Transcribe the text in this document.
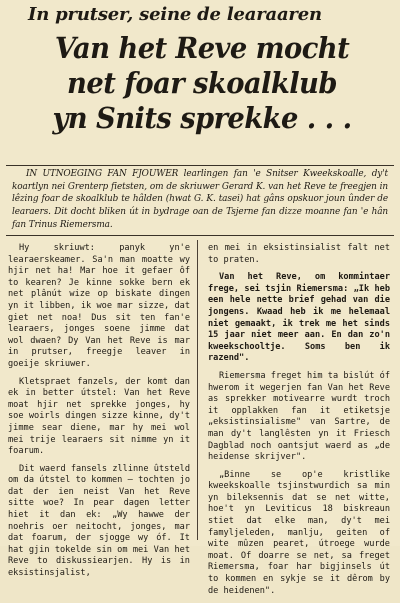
In prutser, seine de learaaren
Van het Reve mocht
net foar skoalklub
yn Snits sprekke . . .
IN UTNOEGING FAN FJOUWER learlingen fan 'e Snitser Kweekskoalle, dy't koartlyn nei Grenterp fietsten, om de skriuwer Gerard K. van het Reve te freegjen in lêzing foar de skoalklub te hâlden (hwat G. K. tasei) hat gâns opskuor joun ûnder de learaers. Dit docht bliken út in bydrage oan de Tsjerne fan dizze moanne fan 'e hân fan Trinus Riemersma.

Hy skriuwt: panyk yn'e learaerskeamer. Sa'n man moatte wy hjir net ha! Mar hoe it gefaer ôf to kearen? Je kinne sokke bern ek net plânút wize op biskate dingen yn it libben, ik woe mar sizze, dat giet net noa! Dus sit ten fan'e learaers, jonges soene jimme dat wol dwaen? Dy Van het Reve is mar in prutser, freegje leaver in goeije skriuwer.

Kletspraet fanzels, der komt dan ek in better útstel: Van het Reve moat hjir net sprekke jonges, hy soe woirls dingen sizze kinne, dy't jimme sear diene, mar hy mei wol mei trije learaers sit nimme yn it foarum.

Dit waerd fansels zllinne ûtsteld om da útstel to kommen — tochten jo dat der ien neist Van het Reve sitte woe? In pear dagen letter hiet it dan ek: „Wy hawwe der noehris oer neitocht, jonges, mar dat foarum, der sjogge wy óf. It hat gjin tokelde sin om mei Van het Reve to diskussiearjen. Hy is in eksistinsjalist,

en mei in eksistinsialist falt net to praten.

Van het Reve, om kommintaer frege, sei tsjin Riemersma: „Ik heb een hele nette brief gehad van die jongens. Kwaad heb ik me helemaal niet gemaakt, ik trek me het sinds 15 jaar niet meer aan. En dan zo'n kweekschooltje. Soms ben ik razend".

Riemersma freget him ta bislút óf hwerom it wegerjen fan Van het Reve as sprekker motivearre wurdt troch it opplakken fan it etiketsje „eksistinsialisme" van Sartre, de man dy't langlêsten yn it Friesch Dagblad noch oantsjut waerd as „de heidense skrijver".

„Binne se op'e kristlike kweekskoalle tsjinstwurdich sa min yn bileksennis dat se net witte, hoe't yn Leviticus 18 biskreaun stiet dat elke man, dy't mei famyljeleden, manlju, geiten of wite mûzen pearet, útroege wurde moat. Of doarre se net, sa freget Riemersma, foar har bigjinsels út to kommen en sykje se it dêrom by de heidenen".
